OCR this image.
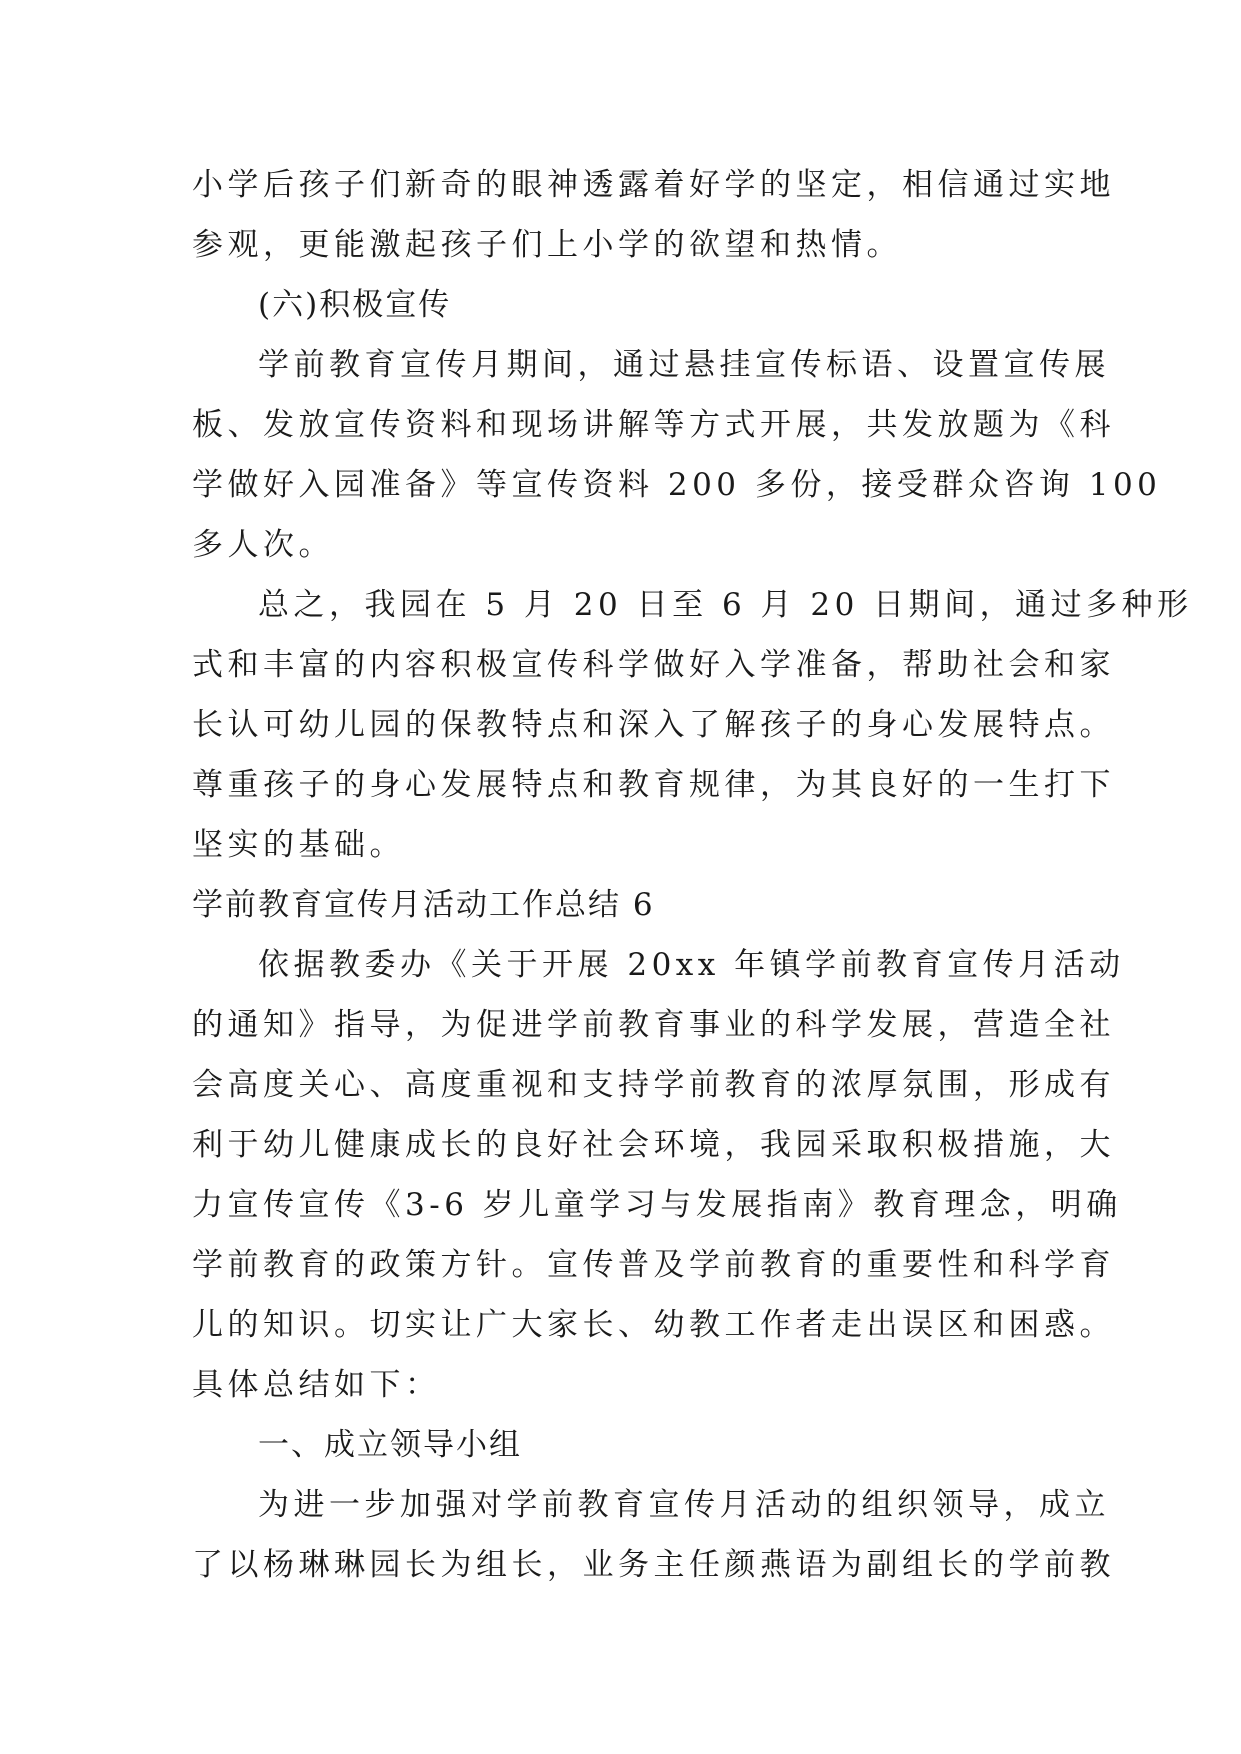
小学后孩子们新奇的眼神透露着好学的坚定，相信通过实地
参观，更能激起孩子们上小学的欲望和热情。
(六)积极宣传
学前教育宣传月期间，通过悬挂宣传标语、设置宣传展
板、发放宣传资料和现场讲解等方式开展，共发放题为《科
学做好入园准备》等宣传资料 200 多份，接受群众咨询 100
多人次。
总之，我园在 5 月 20 日至 6 月 20 日期间，通过多种形
式和丰富的内容积极宣传科学做好入学准备，帮助社会和家
长认可幼儿园的保教特点和深入了解孩子的身心发展特点。
尊重孩子的身心发展特点和教育规律，为其良好的一生打下
坚实的基础。
学前教育宣传月活动工作总结 6
依据教委办《关于开展 20xx 年镇学前教育宣传月活动
的通知》指导，为促进学前教育事业的科学发展，营造全社
会高度关心、高度重视和支持学前教育的浓厚氛围，形成有
利于幼儿健康成长的良好社会环境，我园采取积极措施，大
力宣传宣传《3-6 岁儿童学习与发展指南》教育理念，明确
学前教育的政策方针。宣传普及学前教育的重要性和科学育
儿的知识。切实让广大家长、幼教工作者走出误区和困惑。
具体总结如下：
一、成立领导小组
为进一步加强对学前教育宣传月活动的组织领导，成立
了以杨琳琳园长为组长，业务主任颜燕语为副组长的学前教
